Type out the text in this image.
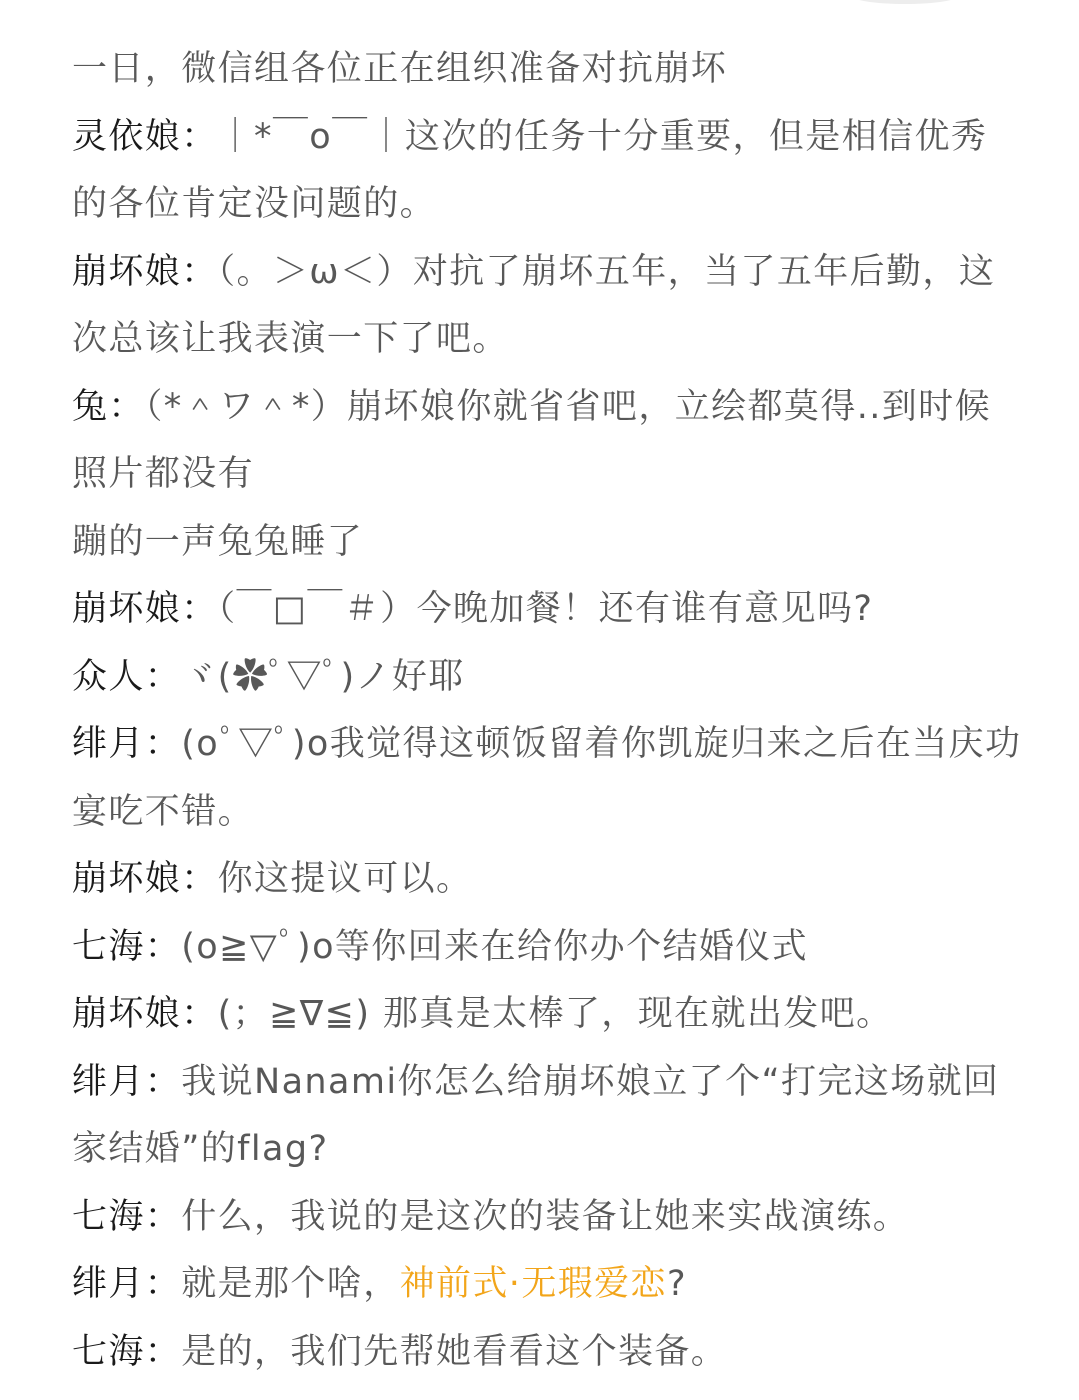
一日，微信组各位正在组织准备对抗崩坏

灵依娘：｜*￣o￣｜这次的任务十分重要，但是相信优秀的各位肯定没问题的。

崩坏娘：（。＞ω＜）对抗了崩坏五年，当了五年后勤，这次总该让我表演一下了吧。

兔：（*＾ワ＾*）崩坏娘你就省省吧，立绘都莫得..到时候照片都没有

蹦的一声兔兔睡了

崩坏娘：（￣□￣＃）今晚加餐！还有谁有意见吗?

众人：ヾ(✿ﾟ▽ﾟ)ノ好耶

绯月：(oﾟ▽ﾟ)o我觉得这顿饭留着你凯旋归来之后在当庆功宴吃不错。

崩坏娘：你这提议可以。

七海：(o≧▽ﾟ)o等你回来在给你办个结婚仪式

崩坏娘：(；≧∇≦) 那真是太棒了，现在就出发吧。

绯月：我说Nanami你怎么给崩坏娘立了个“打完这场就回家结婚”的flag?

七海：什么，我说的是这次的装备让她来实战演练。

绯月：就是那个啥，神前式·无瑕爱恋?

七海：是的，我们先帮她看看这个装备。
